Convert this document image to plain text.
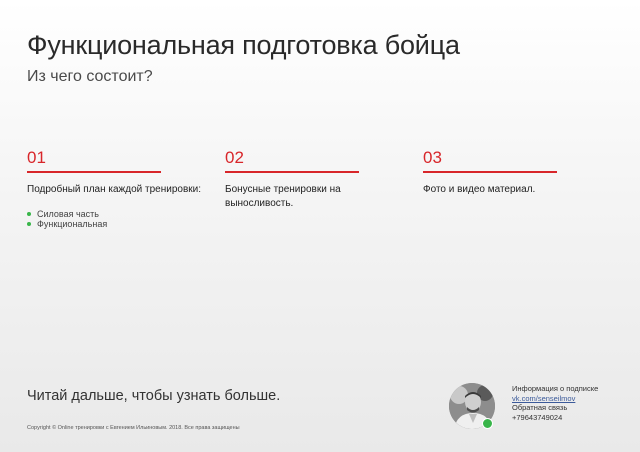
Функциональная подготовка бойца

Из чего состоит?

01
Подробный план каждой тренировки:
Силовая часть
Функциональная
02
Бонусные тренировки на выносливость.
03
Фото и видео материал.
Читай дальше, чтобы узнать больше.
Copyright © Online тренировки с Евгением Ильиновым. 2018. Все права защищены
Информация о подписке
vk.com/senseilmov
Обратная связь
+79643749024
